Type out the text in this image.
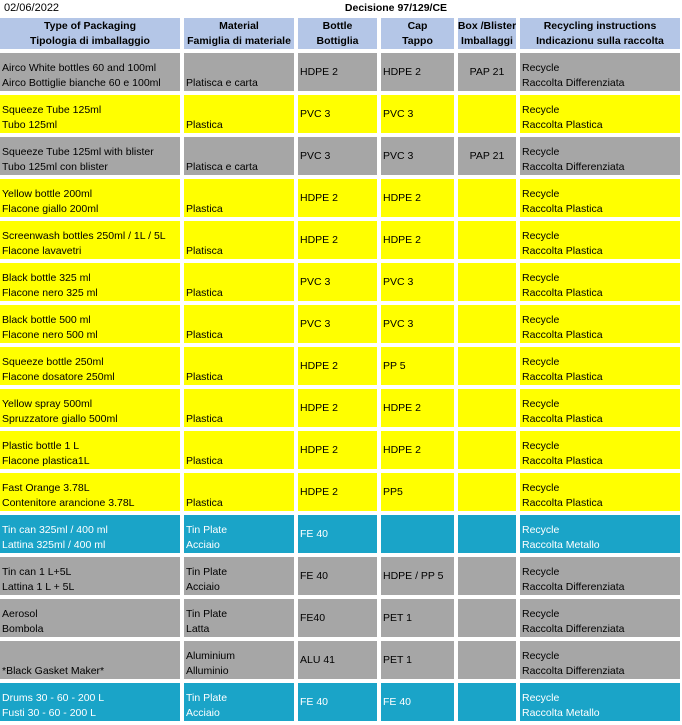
02/06/2022	Decisione 97/129/CE
Type of Packaging
Tipologia di imballaggio	Material
Famiglia di materiale	Bottle
Bottiglia	Cap
Tappo	Box /Blister
Imballaggi	Recycling instructions
Indicazionu sulla raccolta

Airco White bottles 60 and 100ml
Airco Bottiglie bianche 60 e 100ml	Platisca e carta	HDPE 2	HDPE 2	PAP 21	Recycle
Raccolta Differenziata

Squeeze Tube 125ml
Tubo 125ml	Plastica	PVC 3	PVC 3		Recycle
Raccolta Plastica

Squeeze Tube 125ml with blister
Tubo 125ml con blister	Platisca e carta	PVC 3	PVC 3	PAP 21	Recycle
Raccolta Differenziata

Yellow bottle 200ml
Flacone giallo 200ml	Plastica	HDPE 2	HDPE 2		Recycle
Raccolta Plastica

Screenwash bottles 250ml / 1L / 5L
Flacone lavavetri	Platisca	HDPE 2	HDPE 2		Recycle
Raccolta Plastica

Black bottle 325 ml
Flacone nero 325 ml	Plastica	PVC 3	PVC 3		Recycle
Raccolta Plastica

Black bottle 500 ml
Flacone nero 500 ml	Plastica	PVC 3	PVC 3		Recycle
Raccolta Plastica

Squeeze bottle 250ml
Flacone dosatore 250ml	Plastica	HDPE 2	PP 5		Recycle
Raccolta Plastica

Yellow spray 500ml
Spruzzatore giallo 500ml	Plastica	HDPE 2	HDPE 2		Recycle
Raccolta Plastica

Plastic bottle 1 L
Flacone plastica1L	Plastica	HDPE 2	HDPE 2		Recycle
Raccolta Plastica

Fast Orange 3.78L
Contenitore arancione 3.78L	Plastica	HDPE 2	PP5		Recycle
Raccolta Plastica

Tin can 325ml / 400 ml
Lattina 325ml / 400 ml	Tin Plate
Acciaio	FE 40			Recycle
Raccolta Metallo

Tin can 1 L+5L
Lattina 1 L + 5L	Tin Plate
Acciaio	FE 40	HDPE / PP 5		Recycle
Raccolta Differenziata

Aerosol
Bombola	Tin Plate
Latta	FE40	PET 1		Recycle
Raccolta Differenziata

*Black Gasket Maker*	Aluminium
Alluminio	ALU 41	PET 1		Recycle
Raccolta Differenziata

Drums 30 - 60 - 200 L
Fusti 30 - 60 - 200 L	Tin Plate
Acciaio	FE 40	FE 40		Recycle
Raccolta Metallo
